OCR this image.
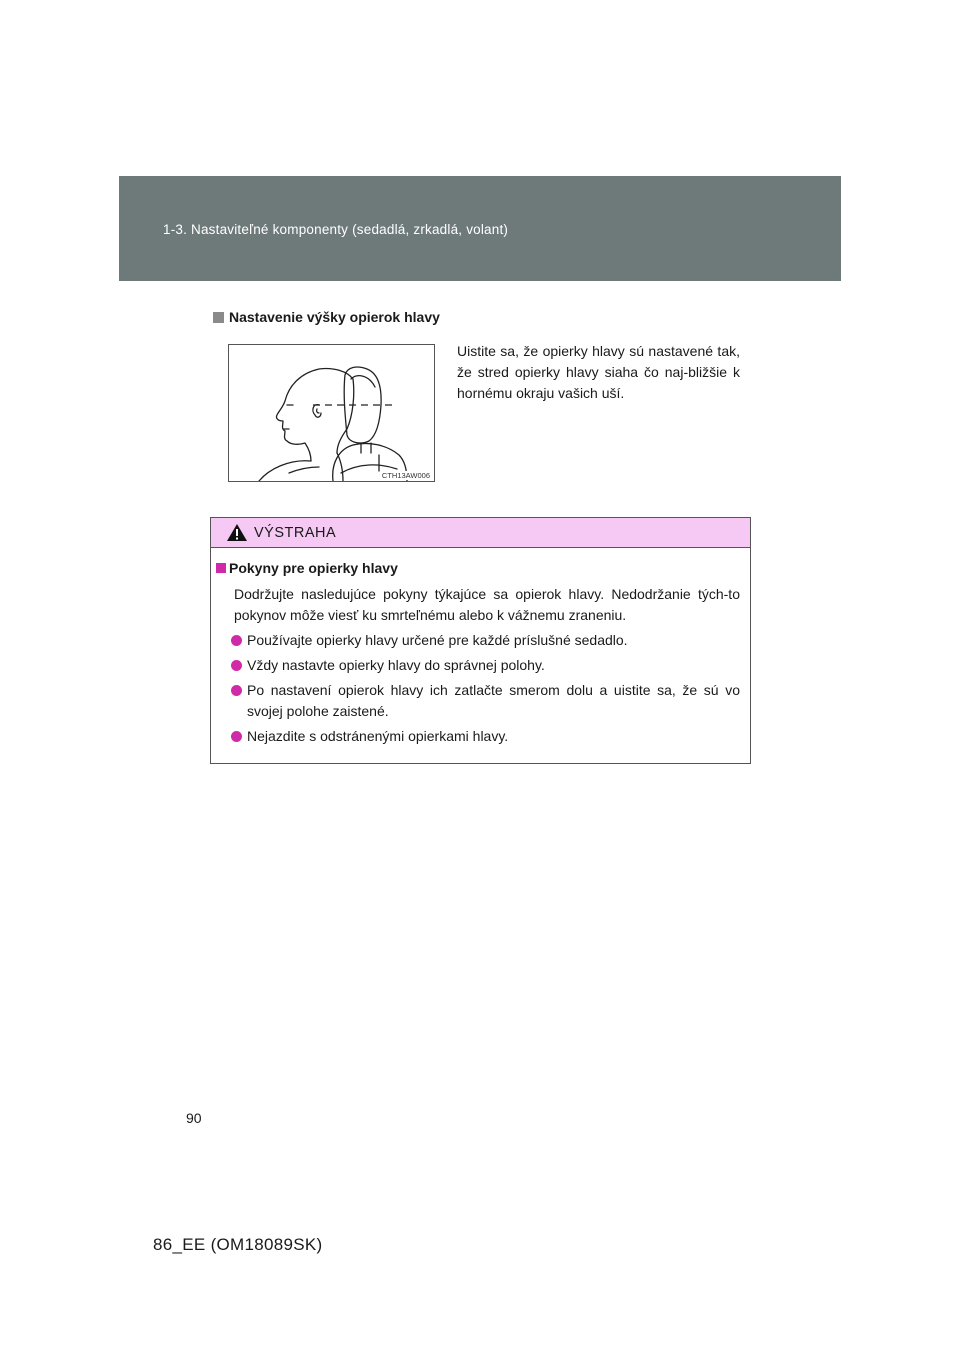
1-3. Nastaviteľné komponenty (sedadlá, zrkadlá, volant)
Nastavenie výšky opierok hlavy
CTH13AW006
Uistite sa, že opierky hlavy sú nastavené tak, že stred opierky hlavy siaha čo naj-bližšie k hornému okraju vašich uší.
VÝSTRAHA
Pokyny pre opierky hlavy
Dodržujte nasledujúce pokyny týkajúce sa opierok hlavy. Nedodržanie tých-to pokynov môže viesť ku smrteľnému alebo k vážnemu zraneniu.
Používajte opierky hlavy určené pre každé príslušné sedadlo.
Vždy nastavte opierky hlavy do správnej polohy.
Po nastavení opierok hlavy ich zatlačte smerom dolu a uistite sa, že sú vo svojej polohe zaistené.
Nejazdite s odstránenými opierkami hlavy.
90
86_EE (OM18089SK)
